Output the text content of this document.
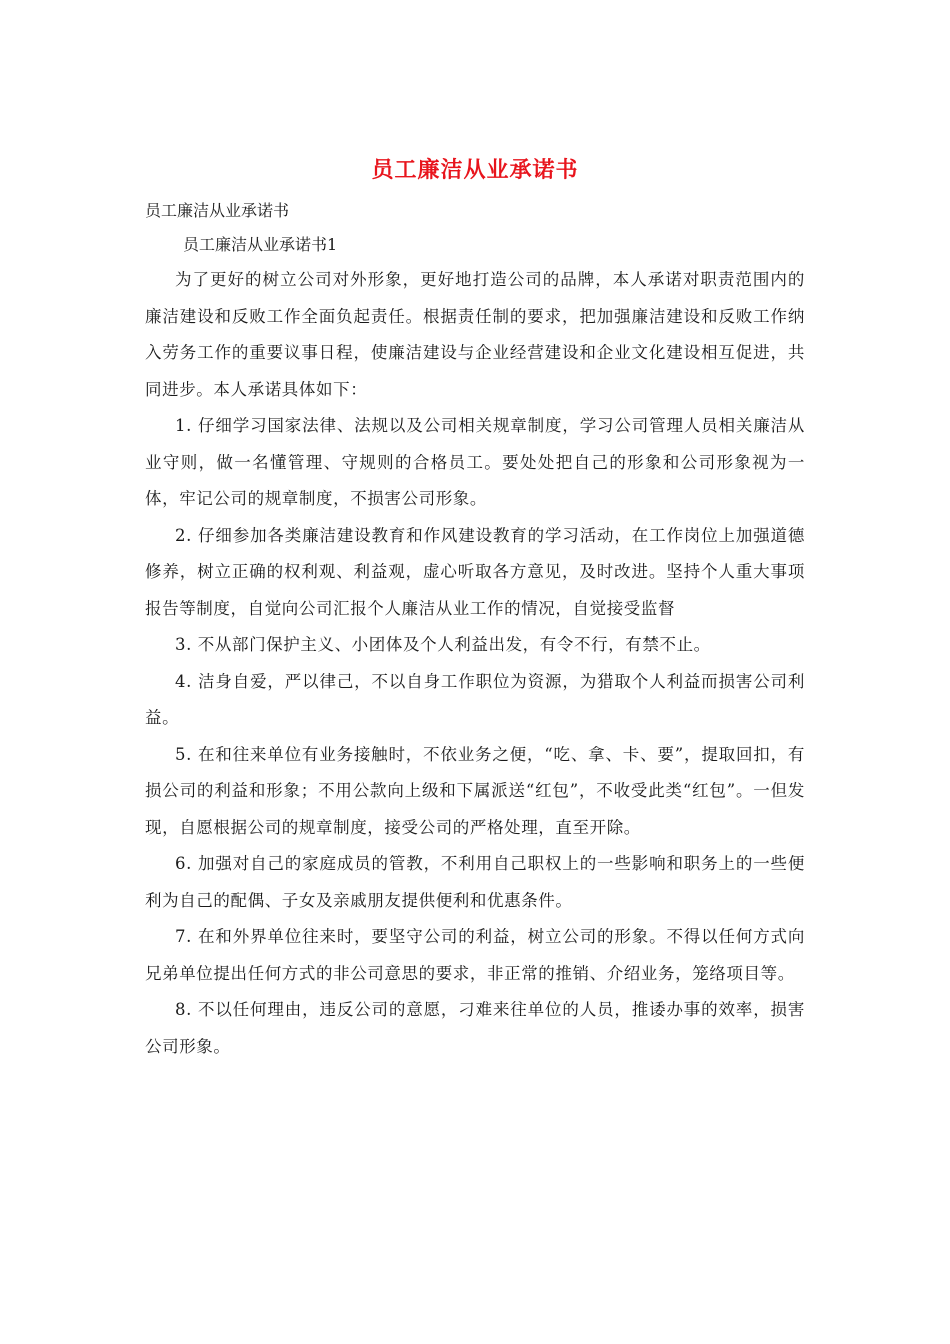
员工廉洁从业承诺书

员工廉洁从业承诺书

员工廉洁从业承诺书1

为了更好的树立公司对外形象，更好地打造公司的品牌，本人承诺对职责范围内的廉洁建设和反败工作全面负起责任。根据责任制的要求，把加强廉洁建设和反败工作纳入劳务工作的重要议事日程，使廉洁建设与企业经营建设和企业文化建设相互促进，共同进步。本人承诺具体如下：

1. 仔细学习国家法律、法规以及公司相关规章制度，学习公司管理人员相关廉洁从业守则，做一名懂管理、守规则的合格员工。要处处把自己的形象和公司形象视为一体，牢记公司的规章制度，不损害公司形象。

2. 仔细参加各类廉洁建设教育和作风建设教育的学习活动，在工作岗位上加强道德修养，树立正确的权利观、利益观，虚心听取各方意见，及时改进。坚持个人重大事项报告等制度，自觉向公司汇报个人廉洁从业工作的情况，自觉接受监督

3. 不从部门保护主义、小团体及个人利益出发，有令不行，有禁不止。

4. 洁身自爱，严以律己，不以自身工作职位为资源，为猎取个人利益而损害公司利益。

5. 在和往来单位有业务接触时，不依业务之便，“吃、拿、卡、要”，提取回扣，有损公司的利益和形象；不用公款向上级和下属派送“红包”，不收受此类“红包”。一但发现，自愿根据公司的规章制度，接受公司的严格处理，直至开除。

6. 加强对自己的家庭成员的管教，不利用自己职权上的一些影响和职务上的一些便利为自己的配偶、子女及亲戚朋友提供便利和优惠条件。

7. 在和外界单位往来时，要坚守公司的利益，树立公司的形象。不得以任何方式向兄弟单位提出任何方式的非公司意思的要求，非正常的推销、介绍业务，笼络项目等。

8. 不以任何理由，违反公司的意愿，刁难来往单位的人员，推诿办事的效率，损害公司形象。
